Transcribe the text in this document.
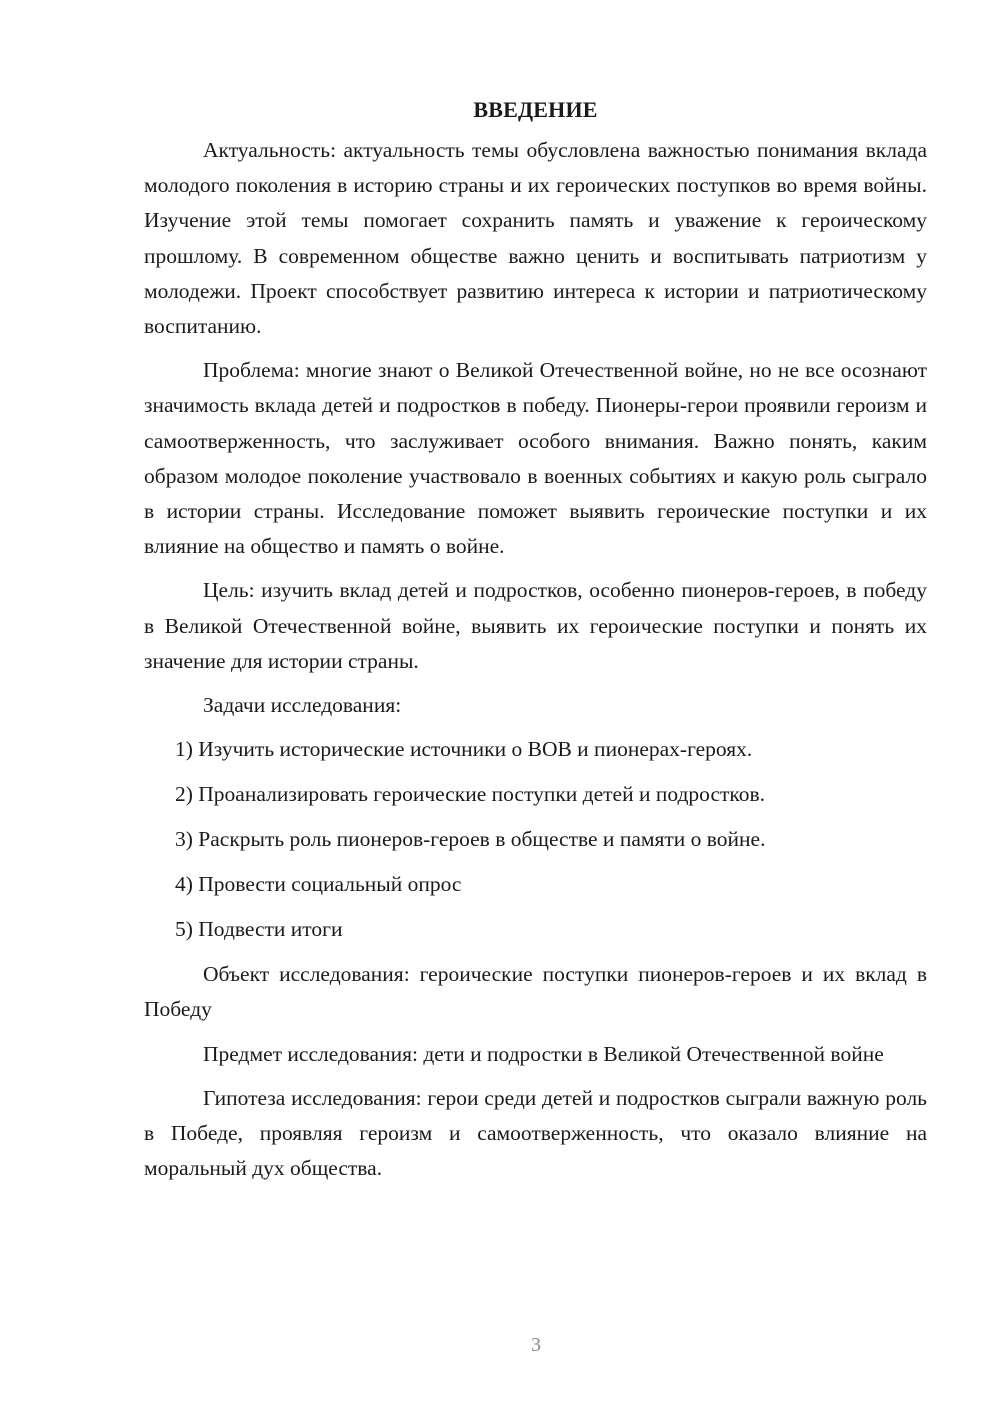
ВВЕДЕНИЕ

Актуальность: актуальность темы обусловлена важностью понимания вклада молодого поколения в историю страны и их героических поступков во время войны. Изучение этой темы помогает сохранить память и уважение к героическому прошлому. В современном обществе важно ценить и воспитывать патриотизм у молодежи. Проект способствует развитию интереса к истории и патриотическому воспитанию.

Проблема: многие знают о Великой Отечественной войне, но не все осознают значимость вклада детей и подростков в победу. Пионеры-герои проявили героизм и самоотверженность, что заслуживает особого внимания. Важно понять, каким образом молодое поколение участвовало в военных событиях и какую роль сыграло в истории страны. Исследование поможет выявить героические поступки и их влияние на общество и память о войне.

Цель: изучить вклад детей и подростков, особенно пионеров-героев, в победу в Великой Отечественной войне, выявить их героические поступки и понять их значение для истории страны.

Задачи исследования:

1) Изучить исторические источники о ВОВ и пионерах-героях.
2) Проанализировать героические поступки детей и подростков.
3) Раскрыть роль пионеров-героев в обществе и памяти о войне.
4) Провести социальный опрос
5) Подвести итоги

Объект исследования: героические поступки пионеров-героев и их вклад в Победу

Предмет исследования: дети и подростки в Великой Отечественной войне

Гипотеза исследования: герои среди детей и подростков сыграли важную роль в Победе, проявляя героизм и самоотверженность, что оказало влияние на моральный дух общества.

3
